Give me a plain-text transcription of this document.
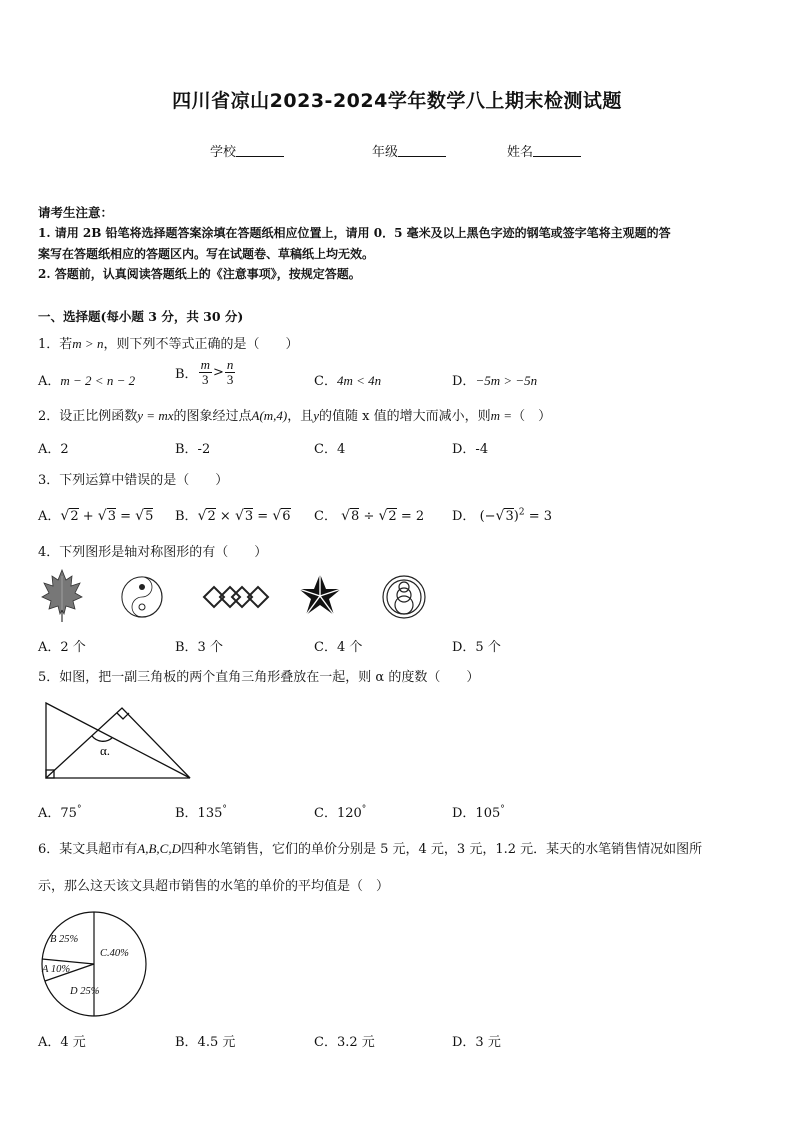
四川省凉山2023-2024学年数学八上期末检测试题
学校	年级	姓名
请考生注意：
1. 请用 2B 铅笔将选择题答案涂填在答题纸相应位置上，请用 0．5 毫米及以上黑色字迹的钢笔或签字笔将主观题的答
案写在答题纸相应的答题区内。写在试题卷、草稿纸上均无效。
2. 答题前，认真阅读答题纸上的《注意事项》，按规定答题。
一、选择题(每小题 3 分，共 30 分)
1．若m > n，则下列不等式正确的是（　　）
A．m − 2 < n − 2	B． $\frac{m}{3} > \frac{n}{3}$	C．4m < 4n	D．−5m > −5n
2．设正比例函数y = mx的图象经过点A(m,4)，且y的值随 x 值的增大而减小，则m =（　）
A．2	B．-2	C．4	D．-4
3．下列运算中错误的是（　　）
A．√2 + √3 = √5 B．√2 × √3 = √6 C． √8 ÷ √2 = 2 D． $(-√3)^2 = 3$
4．下列图形是轴对称图形的有（　　）
A．2 个	B．3 个	C．4 个	D．5 个
5．如图，把一副三角板的两个直角三角形叠放在一起，则 α 的度数（　　）
α.
A．75°	B．135°	C．120°	D．105°
6．某文具超市有A,B,C,D四种水笔销售，它们的单价分别是 5 元，4 元，3 元，1.2 元．某天的水笔销售情况如图所
示，那么这天该文具超市销售的水笔的单价的平均值是（　）
B 25%
C.40%
A 10%
D 25%
A．4 元	B．4.5 元	C．3.2 元	D．3 元
